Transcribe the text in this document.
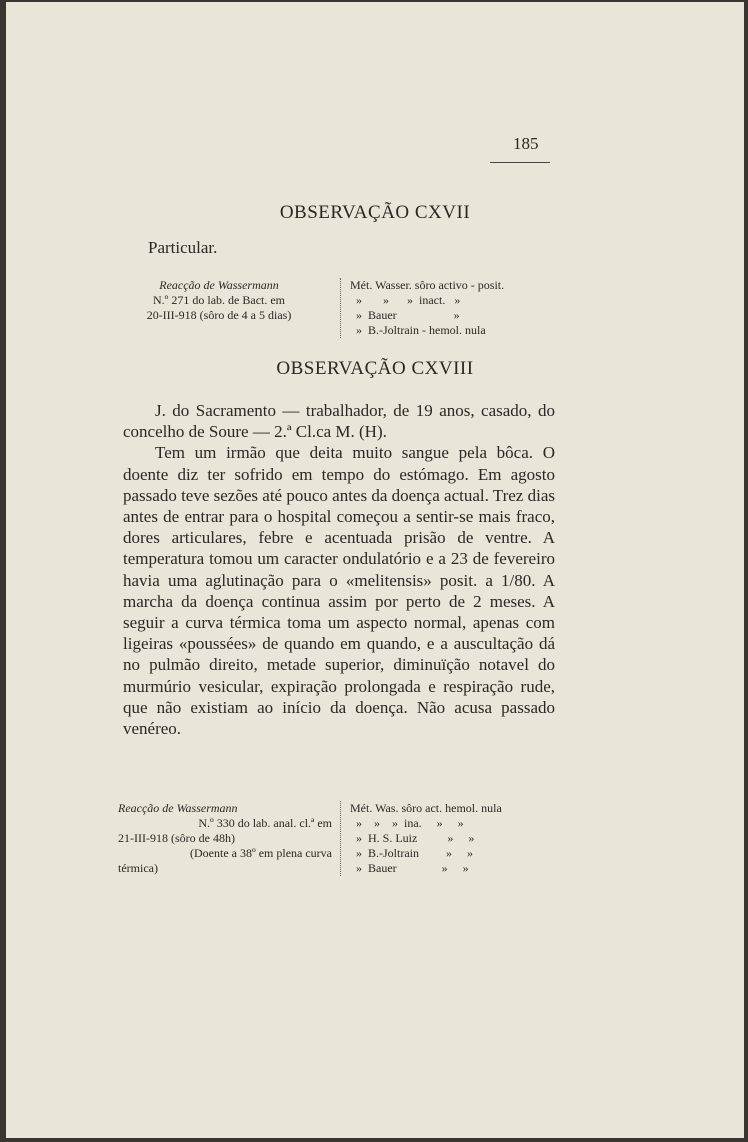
185
OBSERVAÇÃO CXVII
Particular.
Reacção de Wassermann
N.º 271 do lab. de Bact. em
20-III-918 (sôro de 4 a 5 dias)
Mét. Wasser. sôro activo - posit.
»       »      »  inact.   »
»  Bauer                   »
»  B.-Joltrain - hemol. nula
OBSERVAÇÃO CXVIII

J. do Sacramento — trabalhador, de 19 anos, casado, do concelho de Soure — 2.ª Cl.ca M. (H).

Tem um irmão que deita muito sangue pela bôca. O doente diz ter sofrido em tempo do estómago. Em agosto passado teve sezões até pouco antes da doença actual. Trez dias antes de entrar para o hospital começou a sentir-se mais fraco, dores articulares, febre e acentuada prisão de ventre. A temperatura tomou um caracter ondulatório e a 23 de fevereiro havia uma aglutinação para o «melitensis» posit. a 1/80. A marcha da doença continua assim por perto de 2 meses. A seguir a curva térmica toma um aspecto normal, apenas com ligeiras «poussées» de quando em quando, e a auscultação dá no pulmão direito, metade superior, diminuïção notavel do murmúrio vesicular, expiração prolongada e respiração rude, que não existiam ao início da doença. Não acusa passado venéreo.

Reacção de Wassermann
N.º 330 do lab. anal. cl.ª em
21-III-918 (sôro de 48h)
(Doente a 38º em plena curva
térmica)
Mét. Was. sôro act. hemol. nula
»    »    »  ina.     »     »
»  H. S. Luiz          »     »
»  B.-Joltrain         »     »
»  Bauer               »     »
